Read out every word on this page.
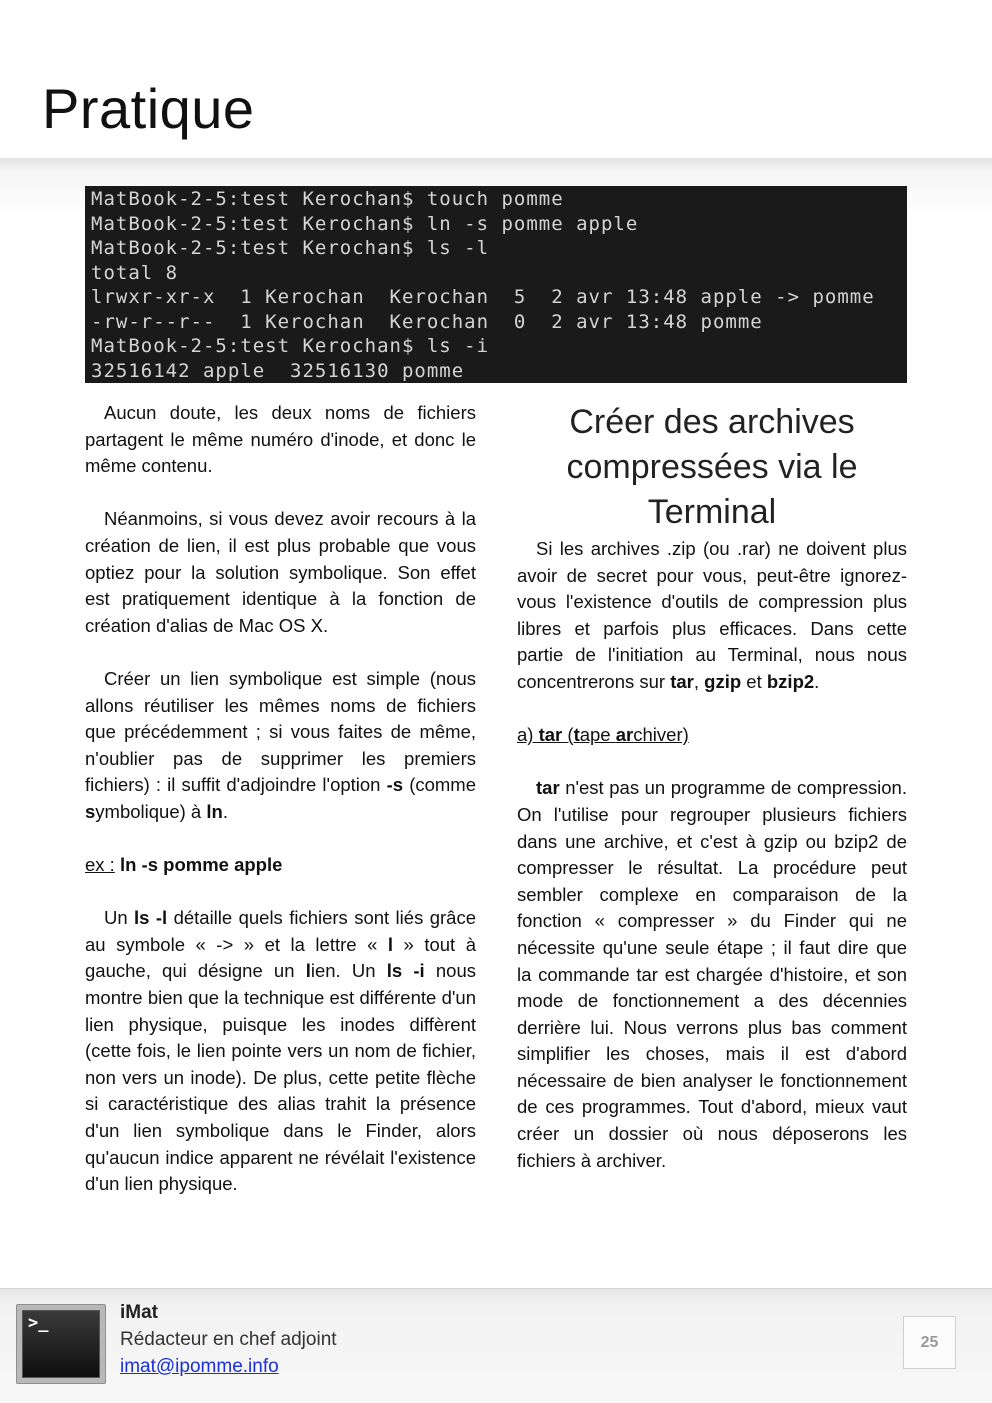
Pratique
MatBook-2-5:test Kerochan$ touch pomme
MatBook-2-5:test Kerochan$ ln -s pomme apple
MatBook-2-5:test Kerochan$ ls -l
total 8
lrwxr-xr-x  1 Kerochan  Kerochan  5  2 avr 13:48 apple -> pomme
-rw-r--r--  1 Kerochan  Kerochan  0  2 avr 13:48 pomme
MatBook-2-5:test Kerochan$ ls -i
32516142 apple  32516130 pomme

Aucun doute, les deux noms de fichiers partagent le même numéro d'inode, et donc le même contenu.

Néanmoins, si vous devez avoir recours à la création de lien, il est plus probable que vous optiez pour la solution symbolique. Son effet est pratiquement identique à la fonction de création d'alias de Mac OS X.

Créer un lien symbolique est simple (nous allons réutiliser les mêmes noms de fichiers que précédemment ; si vous faites de même, n'oublier pas de supprimer les premiers fichiers) : il suffit d'adjoindre l'option -s (comme symbolique) à ln.

ex : ln -s pomme apple

Un ls -l détaille quels fichiers sont liés grâce au symbole « -> » et la lettre « l » tout à gauche, qui désigne un lien. Un ls -i nous montre bien que la technique est différente d'un lien physique, puisque les inodes diffèrent (cette fois, le lien pointe vers un nom de fichier, non vers un inode). De plus, cette petite flèche si caractéristique des alias trahit la présence d'un lien symbolique dans le Finder, alors qu'aucun indice apparent ne révélait l'existence d'un lien physique.

Créer des archives compressées via le Terminal

Si les archives .zip (ou .rar) ne doivent plus avoir de secret pour vous, peut-être ignorez-vous l'existence d'outils de compression plus libres et parfois plus efficaces. Dans cette partie de l'initiation au Terminal, nous nous concentrerons sur tar, gzip et bzip2.

a) tar (tape archiver)

tar n'est pas un programme de compression. On l'utilise pour regrouper plusieurs fichiers dans une archive, et c'est à gzip ou bzip2 de compresser le résultat. La procédure peut sembler complexe en comparaison de la fonction « compresser » du Finder qui ne nécessite qu'une seule étape ; il faut dire que la commande tar est chargée d'histoire, et son mode de fonctionnement a des décennies derrière lui. Nous verrons plus bas comment simplifier les choses, mais il est d'abord nécessaire de bien analyser le fonctionnement de ces programmes. Tout d'abord, mieux vaut créer un dossier où nous déposerons les fichiers à archiver.

>_	iMat
Rédacteur en chef adjoint
imat@ipomme.info
25
